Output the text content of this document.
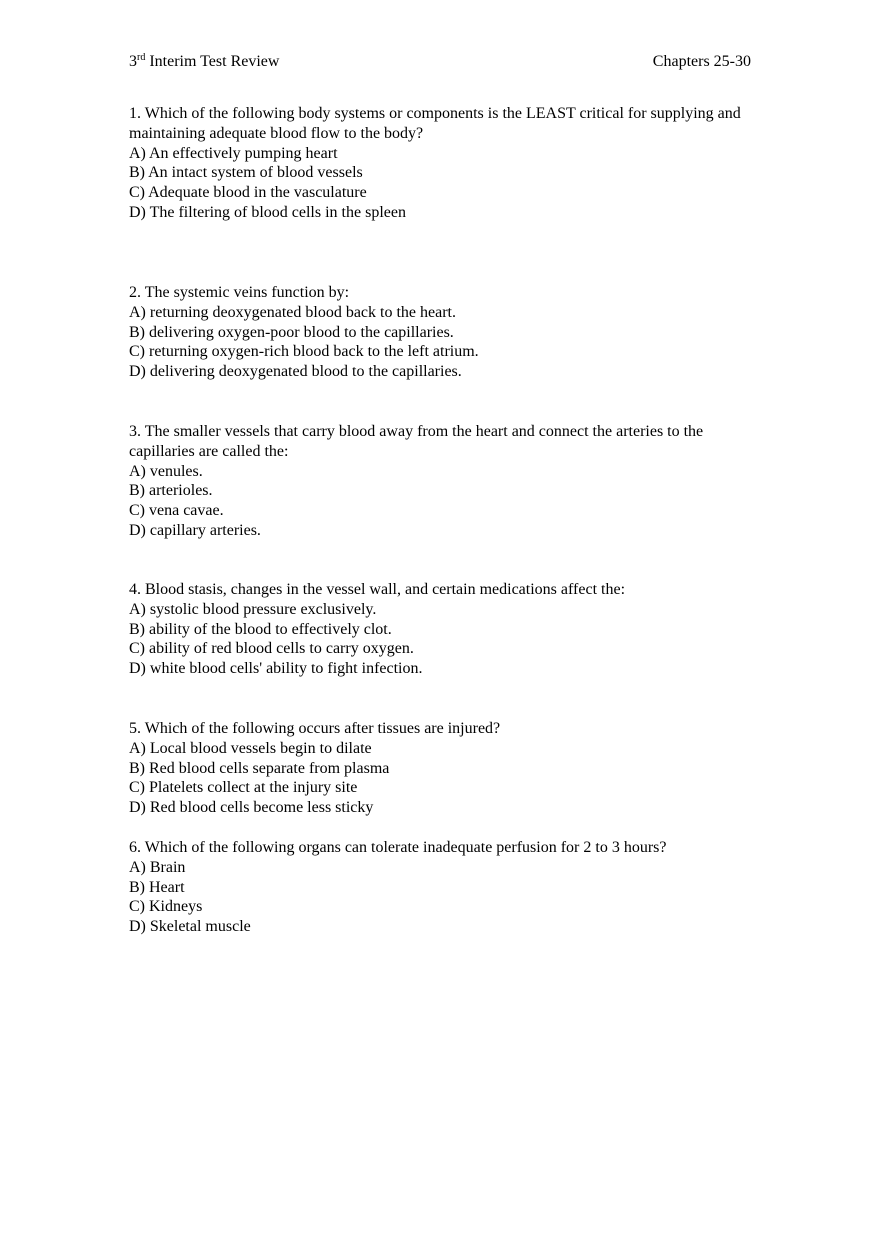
3rd Interim Test Review	Chapters 25-30
1. Which of the following body systems or components is the LEAST critical for supplying and maintaining adequate blood flow to the body?
A) An effectively pumping heart
B) An intact system of blood vessels
C) Adequate blood in the vasculature
D) The filtering of blood cells in the spleen
2. The systemic veins function by:
A) returning deoxygenated blood back to the heart.
B) delivering oxygen-poor blood to the capillaries.
C) returning oxygen-rich blood back to the left atrium.
D) delivering deoxygenated blood to the capillaries.
3. The smaller vessels that carry blood away from the heart and connect the arteries to the capillaries are called the:
A) venules.
B) arterioles.
C) vena cavae.
D) capillary arteries.
4. Blood stasis, changes in the vessel wall, and certain medications affect the:
A) systolic blood pressure exclusively.
B) ability of the blood to effectively clot.
C) ability of red blood cells to carry oxygen.
D) white blood cells' ability to fight infection.
5. Which of the following occurs after tissues are injured?
A) Local blood vessels begin to dilate
B) Red blood cells separate from plasma
C) Platelets collect at the injury site
D) Red blood cells become less sticky
6. Which of the following organs can tolerate inadequate perfusion for 2 to 3 hours?
A) Brain
B) Heart
C) Kidneys
D) Skeletal muscle
